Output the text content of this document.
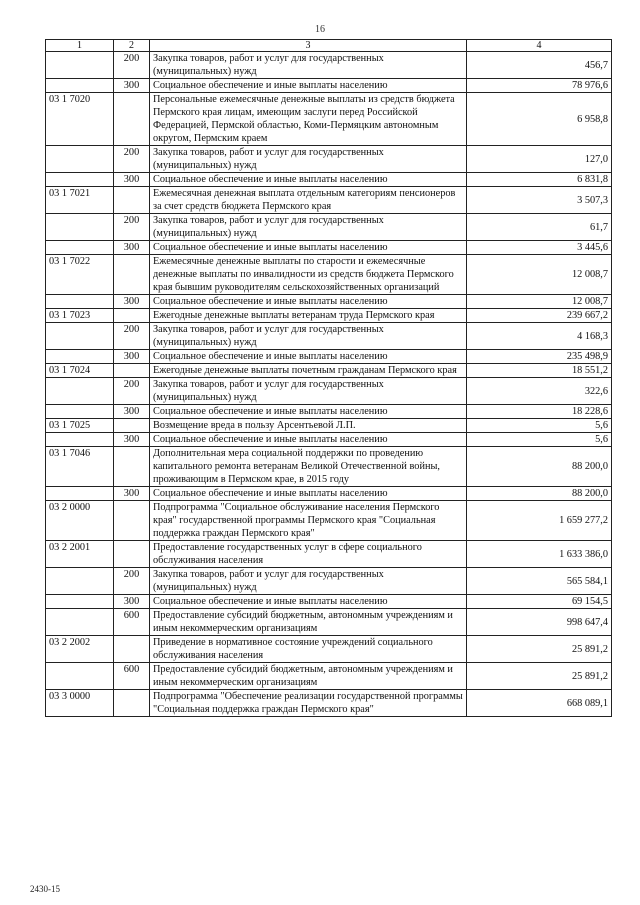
16
1	2	3	4
	200	Закупка товаров, работ и услуг для государственных (муниципальных) нужд	456,7
	300	Социальное обеспечение и иные выплаты населению	78 976,6
03 1 7020		Персональные ежемесячные денежные выплаты из средств бюджета Пермского края лицам, имеющим заслуги перед Российской Федерацией, Пермской областью, Коми-Пермяцким автономным округом, Пермским краем	6 958,8
	200	Закупка товаров, работ и услуг для государственных (муниципальных) нужд	127,0
	300	Социальное обеспечение и иные выплаты населению	6 831,8
03 1 7021		Ежемесячная денежная выплата отдельным категориям пенсионеров за счет средств бюджета Пермского края	3 507,3
	200	Закупка товаров, работ и услуг для государственных (муниципальных) нужд	61,7
	300	Социальное обеспечение и иные выплаты населению	3 445,6
03 1 7022		Ежемесячные денежные выплаты по старости и ежемесячные денежные выплаты по инвалидности из средств бюджета Пермского края бывшим руководителям сельскохозяйственных организаций	12 008,7
	300	Социальное обеспечение и иные выплаты населению	12 008,7
03 1 7023		Ежегодные денежные выплаты ветеранам труда Пермского края	239 667,2
	200	Закупка товаров, работ и услуг для государственных (муниципальных) нужд	4 168,3
	300	Социальное обеспечение и иные выплаты населению	235 498,9
03 1 7024		Ежегодные денежные выплаты почетным гражданам Пермского края	18 551,2
	200	Закупка товаров, работ и услуг для государственных (муниципальных) нужд	322,6
	300	Социальное обеспечение и иные выплаты населению	18 228,6
03 1 7025		Возмещение вреда в пользу Арсентьевой Л.П.	5,6
	300	Социальное обеспечение и иные выплаты населению	5,6
03 1 7046		Дополнительная мера социальной поддержки по проведению капитального ремонта ветеранам Великой Отечественной войны, проживающим в Пермском крае, в 2015 году	88 200,0
	300	Социальное обеспечение и иные выплаты населению	88 200,0
03 2 0000		Подпрограмма "Социальное обслуживание населения Пермского края" государственной программы Пермского края "Социальная поддержка граждан Пермского края"	1 659 277,2
03 2 2001		Предоставление государственных услуг в сфере социального обслуживания населения	1 633 386,0
	200	Закупка товаров, работ и услуг для государственных (муниципальных) нужд	565 584,1
	300	Социальное обеспечение и иные выплаты населению	69 154,5
	600	Предоставление субсидий бюджетным, автономным учреждениям и иным некоммерческим организациям	998 647,4
03 2 2002		Приведение в нормативное состояние учреждений социального обслуживания населения	25 891,2
	600	Предоставление субсидий бюджетным, автономным учреждениям и иным некоммерческим организациям	25 891,2
03 3 0000		Подпрограмма "Обеспечение реализации государственной программы "Социальная поддержка граждан Пермского края"	668 089,1
2430-15
